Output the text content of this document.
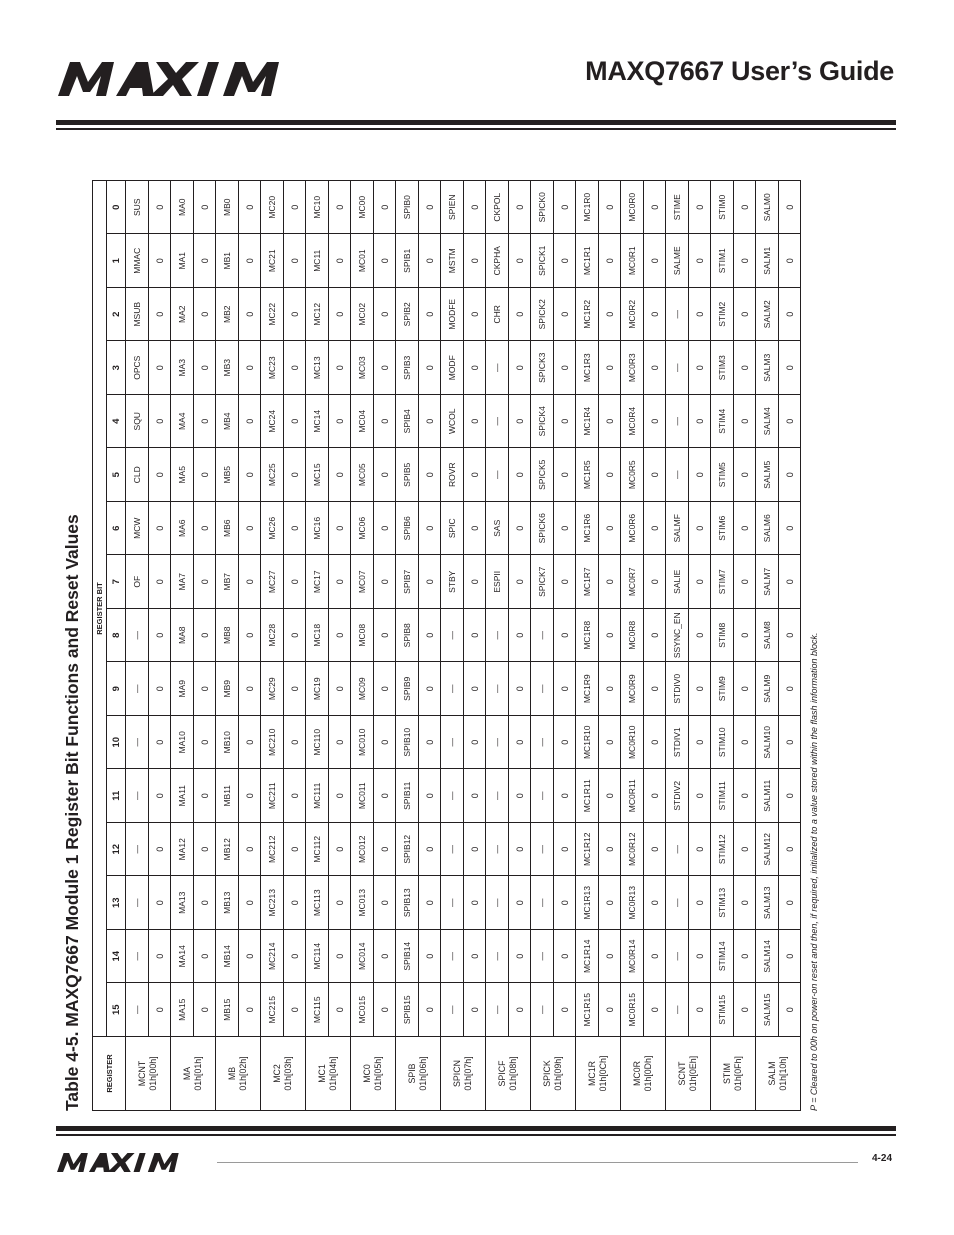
MAXQ7667 User’s Guide
Table 4-5. MAXQ7667 Module 1 Register Bit Functions and Reset Values	REGISTER	REGISTER BIT															
	15	14	13	12	11	10	9	8	7	6	5	4	3	2	1	0

MCNT 01h[00h]	—	—	—	—	—	—	—	—	OF	MCW	CLD	SQU	OPCS	MSUB	MMAC	SUS
	0	0	0	0	0	0	0	0	0	0	0	0	0	0	0	0

MA 01h[01h]	MA15	MA14	MA13	MA12	MA11	MA10	MA9	MA8	MA7	MA6	MA5	MA4	MA3	MA2	MA1	MA0
	0	0	0	0	0	0	0	0	0	0	0	0	0	0	0	0

MB 01h[02h]	MB15	MB14	MB13	MB12	MB11	MB10	MB9	MB8	MB7	MB6	MB5	MB4	MB3	MB2	MB1	MB0
	0	0	0	0	0	0	0	0	0	0	0	0	0	0	0	0

MC2 01h[03h]	MC215	MC214	MC213	MC212	MC211	MC210	MC29	MC28	MC27	MC26	MC25	MC24	MC23	MC22	MC21	MC20
	0	0	0	0	0	0	0	0	0	0	0	0	0	0	0	0

MC1 01h[04h]	MC115	MC114	MC113	MC112	MC111	MC110	MC19	MC18	MC17	MC16	MC15	MC14	MC13	MC12	MC11	MC10
	0	0	0	0	0	0	0	0	0	0	0	0	0	0	0	0

MC0 01h[05h]	MC015	MC014	MC013	MC012	MC011	MC010	MC09	MC08	MC07	MC06	MC05	MC04	MC03	MC02	MC01	MC00
	0	0	0	0	0	0	0	0	0	0	0	0	0	0	0	0

SPIB 01h[06h]	SPIB15	SPIB14	SPIB13	SPIB12	SPIB11	SPIB10	SPIB9	SPIB8	SPIB7	SPIB6	SPIB5	SPIB4	SPIB3	SPIB2	SPIB1	SPIB0
	0	0	0	0	0	0	0	0	0	0	0	0	0	0	0	0

SPICN 01h[07h]	—	—	—	—	—	—	—	—	STBY	SPIC	ROVR	WCOL	MODF	MODFE	MSTM	SPIEN
	0	0	0	0	0	0	0	0	0	0	0	0	0	0	0	0

SPICF 01h[08h]	—	—	—	—	—	—	—	—	ESPII	SAS	—	—	—	CHR	CKPHA	CKPOL
	0	0	0	0	0	0	0	0	0	0	0	0	0	0	0	0

SPICK 01h[09h]	—	—	—	—	—	—	—	—	SPICK7	SPICK6	SPICK5	SPICK4	SPICK3	SPICK2	SPICK1	SPICK0
	0	0	0	0	0	0	0	0	0	0	0	0	0	0	0	0

MC1R 01h[0Ch]	MC1R15	MC1R14	MC1R13	MC1R12	MC1R11	MC1R10	MC1R9	MC1R8	MC1R7	MC1R6	MC1R5	MC1R4	MC1R3	MC1R2	MC1R1	MC1R0
	0	0	0	0	0	0	0	0	0	0	0	0	0	0	0	0

MC0R 01h[0Dh]	MC0R15	MC0R14	MC0R13	MC0R12	MC0R11	MC0R10	MC0R9	MC0R8	MC0R7	MC0R6	MC0R5	MC0R4	MC0R3	MC0R2	MC0R1	MC0R0
	0	0	0	0	0	0	0	0	0	0	0	0	0	0	0	0

SCNT 01h[0Eh]	—	—	—	—	STDIV2	STDIV1	STDIV0	SSYNC_EN	SALIE	SALMF	—	—	—	—	SALME	STIME
	0	0	0	0	0	0	0	0	0	0	0	0	0	0	0	0

STIM 01h[0Fh]	STIM15	STIM14	STIM13	STIM12	STIM11	STIM10	STIM9	STIM8	STIM7	STIM6	STIM5	STIM4	STIM3	STIM2	STIM1	STIM0
	0	0	0	0	0	0	0	0	0	0	0	0	0	0	0	0

SALM 01h[10h]	SALM15	SALM14	SALM13	SALM12	SALM11	SALM10	SALM9	SALM8	SALM7	SALM6	SALM5	SALM4	SALM3	SALM2	SALM1	SALM0
	0	0	0	0	0	0	0	0	0	0	0	0	0	0	0	0
P = Cleared to 00h on power-on reset and then, if required, initialized to a value stored within the flash information block.
4-24
